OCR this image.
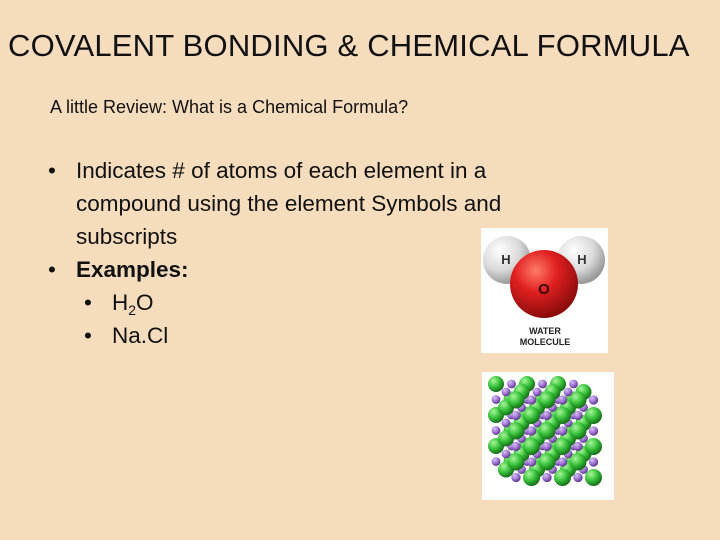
COVALENT BONDING & CHEMICAL FORMULA
A little Review: What is a Chemical Formula?
• Indicates # of atoms of each element in a compound using the element Symbols and subscripts
• Examples:
• $H_2O$
• Na.Cl
H	H
O
WATER
MOLECULE
